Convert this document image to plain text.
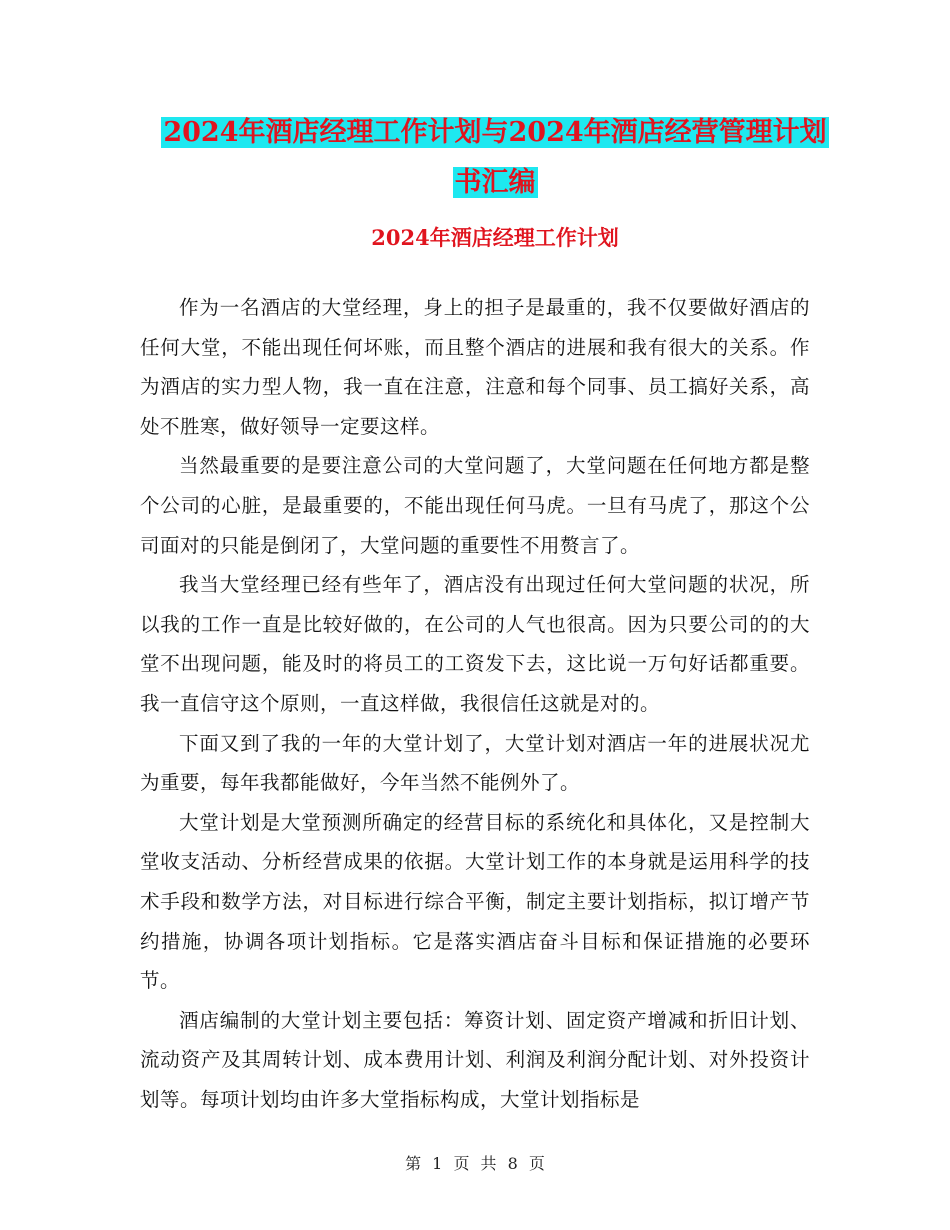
2024年酒店经理工作计划与2024年酒店经营管理计划
书汇编
2024年酒店经理工作计划

作为一名酒店的大堂经理，身上的担子是最重的，我不仅要做好酒店的任何大堂，不能出现任何坏账，而且整个酒店的进展和我有很大的关系。作为酒店的实力型人物，我一直在注意，注意和每个同事、员工搞好关系，高处不胜寒，做好领导一定要这样。

当然最重要的是要注意公司的大堂问题了，大堂问题在任何地方都是整个公司的心脏，是最重要的，不能出现任何马虎。一旦有马虎了，那这个公司面对的只能是倒闭了，大堂问题的重要性不用赘言了。

我当大堂经理已经有些年了，酒店没有出现过任何大堂问题的状况，所以我的工作一直是比较好做的，在公司的人气也很高。因为只要公司的的大堂不出现问题，能及时的将员工的工资发下去，这比说一万句好话都重要。我一直信守这个原则，一直这样做，我很信任这就是对的。

下面又到了我的一年的大堂计划了，大堂计划对酒店一年的进展状况尤为重要，每年我都能做好，今年当然不能例外了。

大堂计划是大堂预测所确定的经营目标的系统化和具体化，又是控制大堂收支活动、分析经营成果的依据。大堂计划工作的本身就是运用科学的技术手段和数学方法，对目标进行综合平衡，制定主要计划指标，拟订增产节约措施，协调各项计划指标。它是落实酒店奋斗目标和保证措施的必要环节。

酒店编制的大堂计划主要包括：筹资计划、固定资产增减和折旧计划、流动资产及其周转计划、成本费用计划、利润及利润分配计划、对外投资计划等。每项计划均由许多大堂指标构成，大堂计划指标是

第 1 页 共 8 页
